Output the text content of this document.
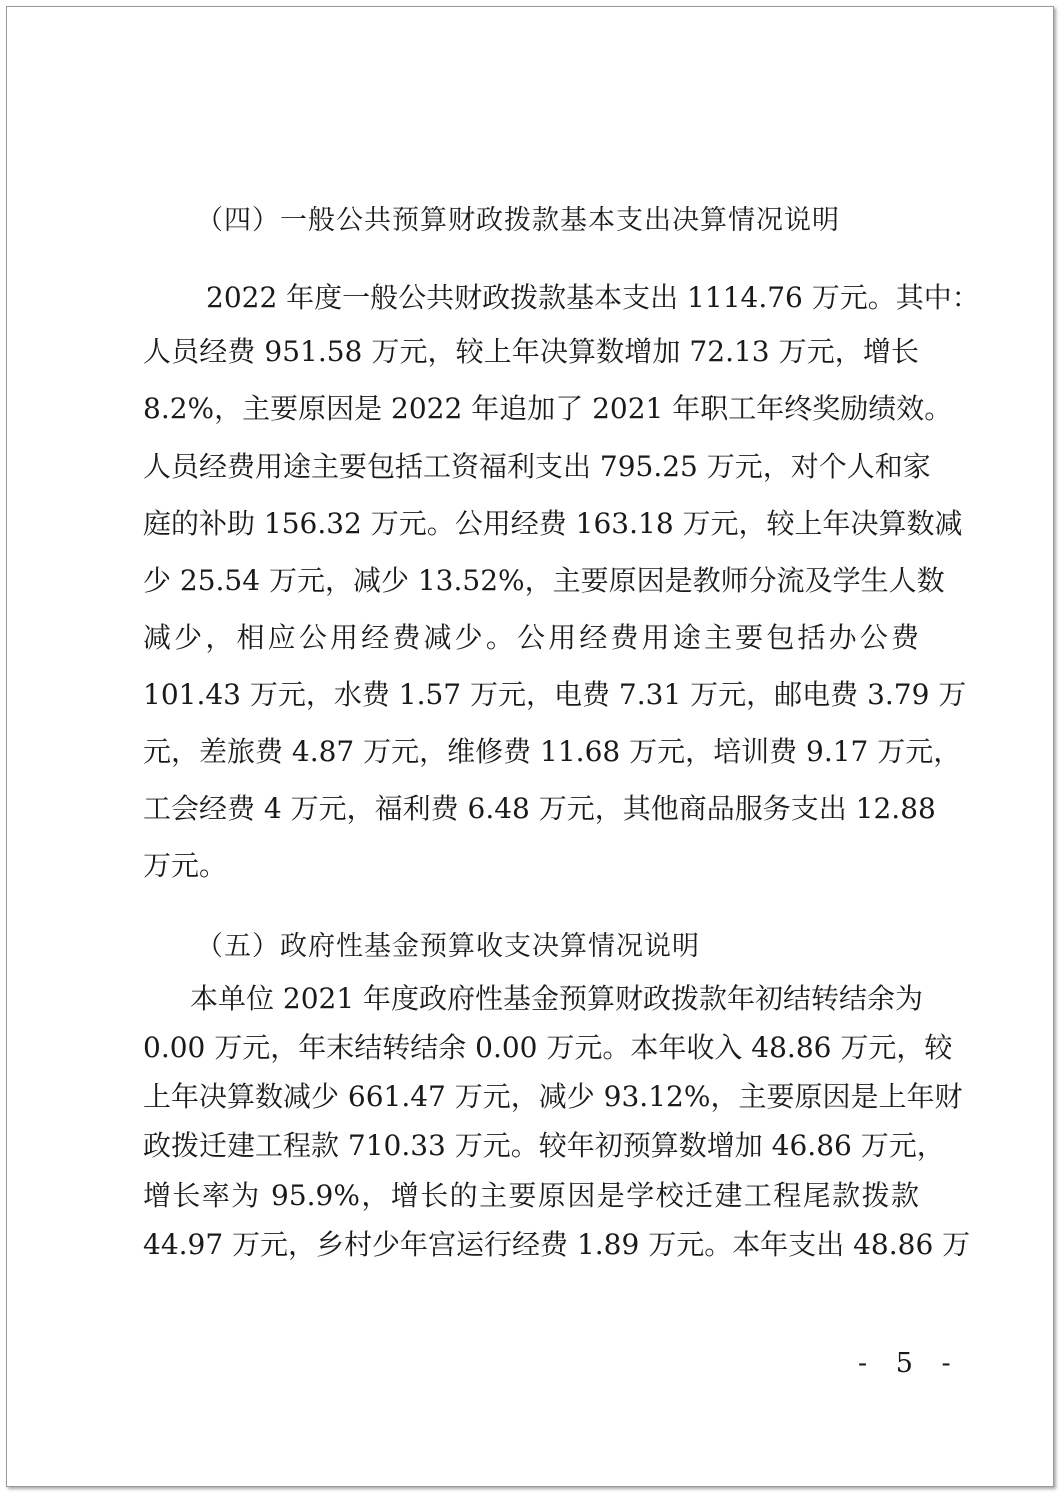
（四）一般公共预算财政拨款基本支出决算情况说明
2022 年度一般公共财政拨款基本支出 1114.76 万元。其中：
人员经费 951.58 万元，较上年决算数增加 72.13 万元，增长
8.2%，主要原因是 2022 年追加了 2021 年职工年终奖励绩效。
人员经费用途主要包括工资福利支出 795.25 万元，对个人和家
庭的补助 156.32 万元。公用经费 163.18 万元，较上年决算数减
少 25.54 万元，减少 13.52%，主要原因是教师分流及学生人数
减少，相应公用经费减少。公用经费用途主要包括办公费
101.43 万元，水费 1.57 万元，电费 7.31 万元，邮电费 3.79 万
元，差旅费 4.87 万元，维修费 11.68 万元，培训费 9.17 万元，
工会经费 4 万元，福利费 6.48 万元，其他商品服务支出 12.88
万元。
（五）政府性基金预算收支决算情况说明
本单位 2021 年度政府性基金预算财政拨款年初结转结余为
0.00 万元，年末结转结余 0.00 万元。本年收入 48.86 万元，较
上年决算数减少 661.47 万元，减少 93.12%，主要原因是上年财
政拨迁建工程款 710.33 万元。较年初预算数增加 46.86 万元，
增长率为 95.9%，增长的主要原因是学校迁建工程尾款拨款
44.97 万元，乡村少年宫运行经费 1.89 万元。本年支出 48.86 万
- 5 -
